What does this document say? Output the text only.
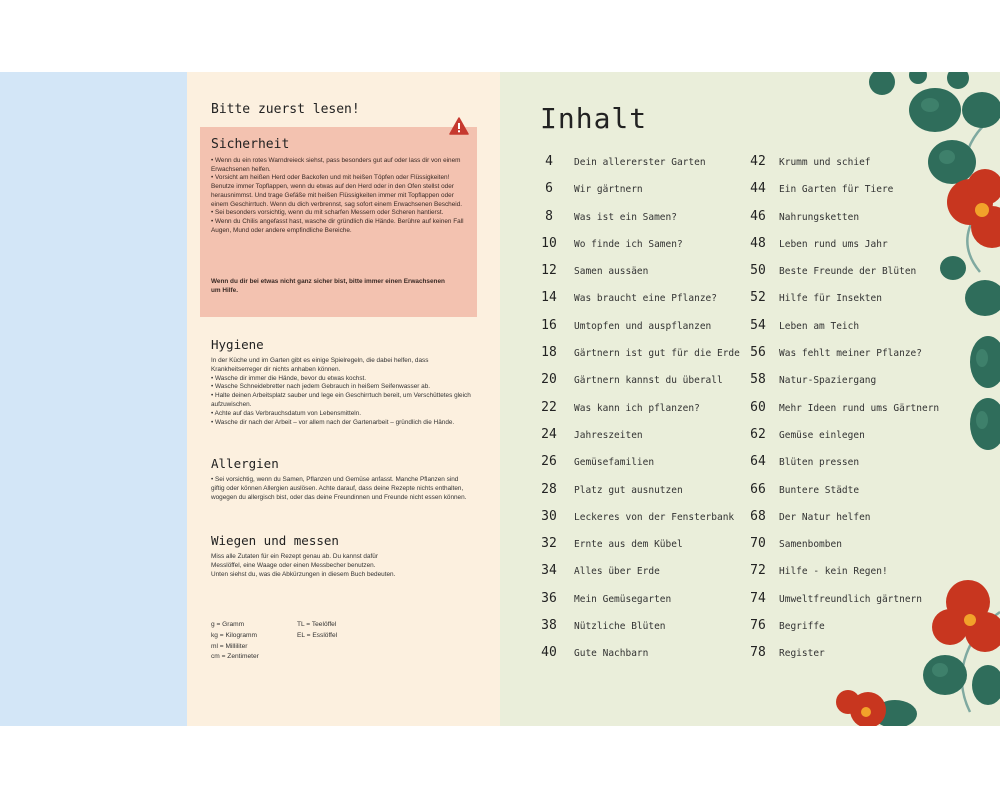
Bitte zuerst lesen!
Sicherheit
• Wenn du ein rotes Warndreieck siehst, pass besonders gut auf oder lass dir von einem Erwachsenen helfen.
• Vorsicht am heißen Herd oder Backofen und mit heißen Töpfen oder Flüssigkeiten! Benutze immer Topflappen, wenn du etwas auf den Herd oder in den Ofen stellst oder herausnimmst. Und trage Gefäße mit heißen Flüssigkeiten immer mit Topflappen oder einem Geschirrtuch. Wenn du dich verbrennst, sag sofort einem Erwachsenen Bescheid.
• Sei besonders vorsichtig, wenn du mit scharfen Messern oder Scheren hantierst.
• Wenn du Chilis angefasst hast, wasche dir gründlich die Hände. Berühre auf keinen Fall Augen, Mund oder andere empfindliche Bereiche.
Wenn du dir bei etwas nicht ganz sicher bist, bitte immer einen Erwachsenen um Hilfe.
Hygiene
In der Küche und im Garten gibt es einige Spielregeln, die dabei helfen, dass Krankheitserreger dir nichts anhaben können.
• Wasche dir immer die Hände, bevor du etwas kochst.
• Wasche Schneidebretter nach jedem Gebrauch in heißem Seifenwasser ab.
• Halte deinen Arbeitsplatz sauber und lege ein Geschirrtuch bereit, um Verschüttetes gleich aufzuwischen.
• Achte auf das Verbrauchsdatum von Lebensmitteln.
• Wasche dir nach der Arbeit – vor allem nach der Gartenarbeit – gründlich die Hände.
Allergien
• Sei vorsichtig, wenn du Samen, Pflanzen und Gemüse anfasst. Manche Pflanzen sind giftig oder können Allergien auslösen. Achte darauf, dass deine Rezepte nichts enthalten, wogegen du allergisch bist, oder das deine Freundinnen und Freunde nicht essen können.
Wiegen und messen
Miss alle Zutaten für ein Rezept genau ab. Du kannst dafür Messlöffel, eine Waage oder einen Messbecher benutzen.
Unten siehst du, was die Abkürzungen in diesem Buch bedeuten.
g = Gramm
kg = Kilogramm
ml = Milliliter
cm = Zentimeter
TL = Teelöffel
EL = Esslöffel
Inhalt
4	Dein allererster Garten
6	Wir gärtnern
8	Was ist ein Samen?
10	Wo finde ich Samen?
12	Samen aussäen
14	Was braucht eine Pflanze?
16	Umtopfen und auspflanzen
18	Gärtnern ist gut für die Erde
20	Gärtnern kannst du überall
22	Was kann ich pflanzen?
24	Jahreszeiten
26	Gemüsefamilien
28	Platz gut ausnutzen
30	Leckeres von der Fensterbank
32	Ernte aus dem Kübel
34	Alles über Erde
36	Mein Gemüsegarten
38	Nützliche Blüten
40	Gute Nachbarn
42	Krumm und schief
44	Ein Garten für Tiere
46	Nahrungsketten
48	Leben rund ums Jahr
50	Beste Freunde der Blüten
52	Hilfe für Insekten
54	Leben am Teich
56	Was fehlt meiner Pflanze?
58	Natur-Spaziergang
60	Mehr Ideen rund ums Gärtnern
62	Gemüse einlegen
64	Blüten pressen
66	Buntere Städte
68	Der Natur helfen
70	Samenbomben
72	Hilfe - kein Regen!
74	Umweltfreundlich gärtnern
76	Begriffe
78	Register
